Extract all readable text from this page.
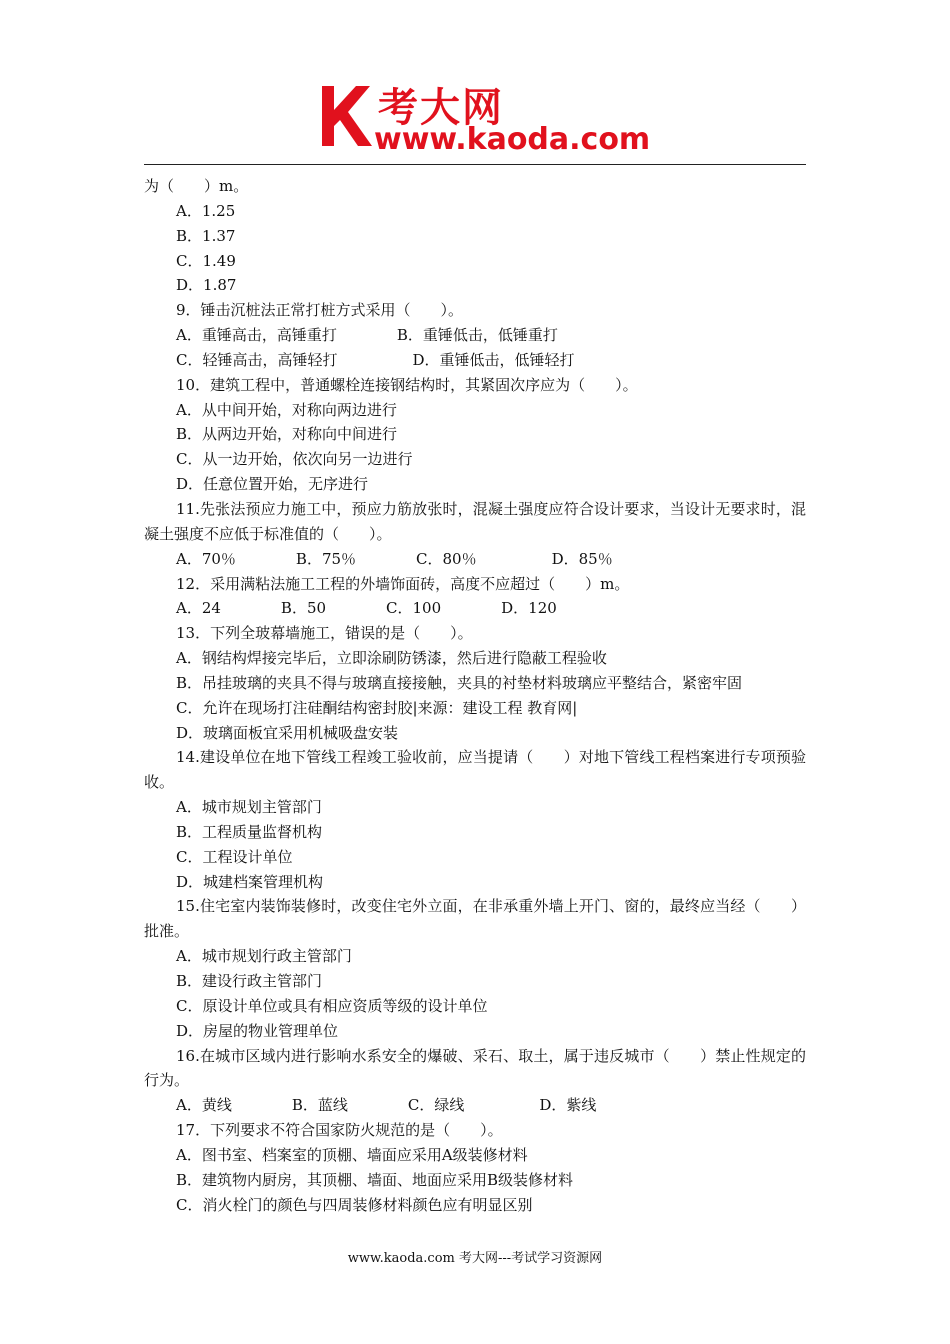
考大网
www.kaoda.com
为（　　）m。
A．1.25
B．1.37
C．1.49
D．1.87
9．锤击沉桩法正常打桩方式采用（　　）。
A．重锤高击，高锤重打　　　　B．重锤低击，低锤重打
C．轻锤高击，高锤轻打　　　　　D．重锤低击，低锤轻打
10．建筑工程中，普通螺栓连接钢结构时，其紧固次序应为（　　）。
A．从中间开始，对称向两边进行
B．从两边开始，对称向中间进行
C．从一边开始，依次向另一边进行
D．任意位置开始，无序进行
11.先张法预应力施工中，预应力筋放张时，混凝土强度应符合设计要求，当设计无要求时，混凝土强度不应低于标准值的（　　）。
A．70％　　　　B．75％　　　　C．80％　　　　　D．85％
12．采用满粘法施工工程的外墙饰面砖，高度不应超过（　　）m。
A．24　　　　B．50　　　　C．100　　　　D．120
13．下列全玻幕墙施工，错误的是（　　）。
A．钢结构焊接完毕后，立即涂刷防锈漆，然后进行隐蔽工程验收
B．吊挂玻璃的夹具不得与玻璃直接接触，夹具的衬垫材料玻璃应平整结合，紧密牢固
C．允许在现场打注硅酮结构密封胶|来源：建设工程 教育网|
D．玻璃面板宜采用机械吸盘安装
14.建设单位在地下管线工程竣工验收前，应当提请（　　）对地下管线工程档案进行专项预验收。
A．城市规划主管部门
B．工程质量监督机构
C．工程设计单位
D．城建档案管理机构
15.住宅室内装饰装修时，改变住宅外立面，在非承重外墙上开门、窗的，最终应当经（　　）批准。
A．城市规划行政主管部门
B．建设行政主管部门
C．原设计单位或具有相应资质等级的设计单位
D．房屋的物业管理单位
16.在城市区域内进行影响水系安全的爆破、采石、取土，属于违反城市（　　）禁止性规定的行为。
A．黄线　　　　B．蓝线　　　　C．绿线　　　　　D．紫线
17．下列要求不符合国家防火规范的是（　　）。
A．图书室、档案室的顶棚、墙面应采用A级装修材料
B．建筑物内厨房，其顶棚、墙面、地面应采用B级装修材料
C．消火栓门的颜色与四周装修材料颜色应有明显区别
www.kaoda.com 考大网---考试学习资源网
